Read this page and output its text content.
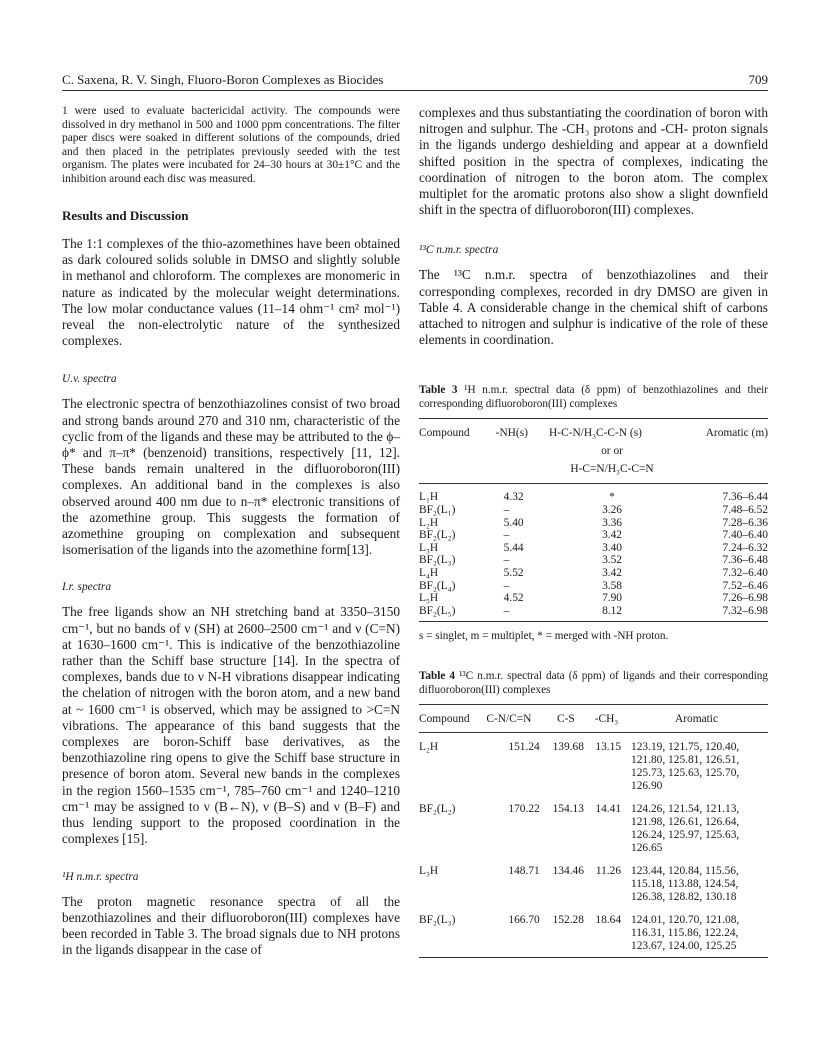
C. Saxena, R. V. Singh, Fluoro-Boron Complexes as Biocides	709

1 were used to evaluate bactericidal activity. The compounds were dissolved in dry methanol in 500 and 1000 ppm concentrations. The filter paper discs were soaked in different solutions of the compounds, dried and then placed in the petriplates previously seeded with the test organism. The plates were incubated for 24–30 hours at 30±1°C and the inhibition around each disc was measured.

Results and Discussion

The 1:1 complexes of the thio-azomethines have been obtained as dark coloured solids soluble in DMSO and slightly soluble in methanol and chloroform. The complexes are monomeric in nature as indicated by the molecular weight determinations. The low molar conductance values (11–14 ohm⁻¹ cm² mol⁻¹) reveal the non-electrolytic nature of the synthesized complexes.

U.v. spectra

The electronic spectra of benzothiazolines consist of two broad and strong bands around 270 and 310 nm, characteristic of the cyclic from of the ligands and these may be attributed to the ϕ–ϕ* and π–π* (benzenoid) transitions, respectively [11, 12]. These bands remain unaltered in the difluoroboron(III) complexes. An additional band in the complexes is also observed around 400 nm due to n–π* electronic transitions of the azomethine group. This suggests the formation of azomethine grouping on complexation and subsequent isomerisation of the ligands into the azomethine form[13].

I.r. spectra

The free ligands show an NH stretching band at 3350–3150 cm⁻¹, but no bands of ν (SH) at 2600–2500 cm⁻¹ and ν (C=N) at 1630–1600 cm⁻¹. This is indicative of the benzothiazoline rather than the Schiff base structure [14]. In the spectra of complexes, bands due to ν N-H vibrations disappear indicating the chelation of nitrogen with the boron atom, and a new band at ~ 1600 cm⁻¹ is observed, which may be assigned to >C=N vibrations. The appearance of this band suggests that the complexes are boron-Schiff base derivatives, as the benzothiazoline ring opens to give the Schiff base structure in presence of boron atom. Several new bands in the complexes in the region 1560–1535 cm⁻¹, 785–760 cm⁻¹ and 1240–1210 cm⁻¹ may be assigned to ν (B←N), ν (B–S) and ν (B–F) and thus lending support to the proposed coordination in the complexes [15].

¹H n.m.r. spectra

The proton magnetic resonance spectra of all the benzothiazolines and their difluoroboron(III) complexes have been recorded in Table 3. The broad signals due to NH protons in the ligands disappear in the case of

complexes and thus substantiating the coordination of boron with nitrogen and sulphur. The -CH₃ protons and -CH- proton signals in the ligands undergo deshielding and appear at a downfield shifted position in the spectra of complexes, indicating the coordination of nitrogen to the boron atom. The complex multiplet for the aromatic protons also show a slight downfield shift in the spectra of difluoroboron(III) complexes.

¹³C n.m.r. spectra

The ¹³C n.m.r. spectra of benzothiazolines and their corresponding complexes, recorded in dry DMSO are given in Table 4. A considerable change in the chemical shift of carbons attached to nitrogen and sulphur is indicative of the role of these elements in coordination.

Table 3 ¹H n.m.r. spectral data (δ ppm) of benzothiazolines and their corresponding difluoroboron(III) complexes

Compound	-NH(s)	H-C-N/H₃C-C-N (s)	Aromatic (m)
		or or	
		H-C=N/H₃C-C=N	
L₁H	4.32	*	7.36–6.44
BF₂(L₁)	–	3.26	7.48–6.52
L₂H	5.40	3.36	7.28–6.36
BF₂(L₂)	–	3.42	7.40–6.40
L₃H	5.44	3.40	7.24–6.32
BF₂(L₃)	–	3.52	7.36–6.48
L₄H	5.52	3.42	7.32–6.40
BF₂(L₄)	–	3.58	7.52–6.46
L₅H	4.52	7.90	7.26–6.98
BF₂(L₅)	–	8.12	7.32–6.98

s = singlet, m = multiplet, * = merged with -NH proton.

Table 4 ¹³C n.m.r. spectral data (δ ppm) of ligands and their corresponding difluoroboron(III) complexes

Compound	C-N/C=N	C-S	-CH₃	Aromatic
L₂H	151.24	139.68	13.15	123.19, 121.75, 120.40,
121.80, 125.81, 126.51,
125.73, 125.63, 125.70,
126.90

BF₂(L₂)	170.22	154.13	14.41	124.26, 121.54, 121.13,
121.98, 126.61, 126.64,
126.24, 125.97, 125.63,
126.65

L₃H	148.71	134.46	11.26	123.44, 120.84, 115.56,
115.18, 113.88, 124.54,
126.38, 128.82, 130.18

BF₂(L₃)	166.70	152.28	18.64	124.01, 120.70, 121.08,
116.31, 115.86, 122.24,
123.67, 124.00, 125.25
